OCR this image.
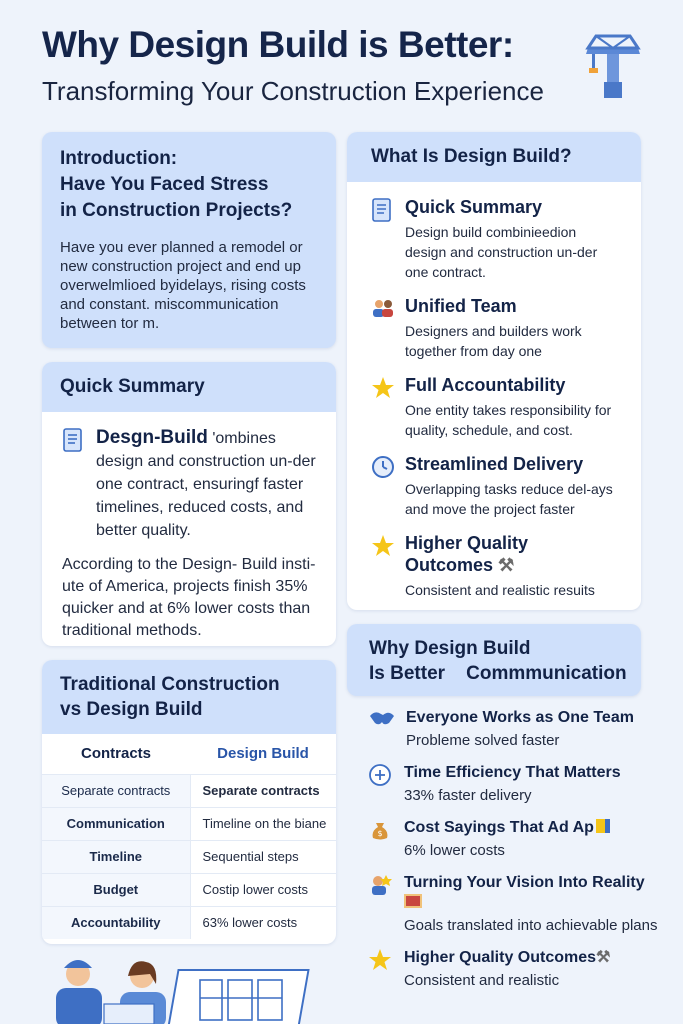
Why Design Build is Better:
Transforming Your Construction Experience
Introduction:
Have You Faced Stress
in Construction Projects?

Have you ever planned a remodel or new construction project and end up overwelmlioed byidelays, rising costs and constant. miscommunication between tor m.

Quick Summary
Desgn-Build 'ombines design and construction un-der one contract, ensuringf faster timelines, reduced costs, and better quality.

According to the Design- Build insti-ute of America, projects finish 35% quicker and at 6% lower costs than traditional methods.

Traditional Construction
vs Design Build
Contracts	Design Build
Separate contracts	Separate contracts
Communication	Timeline on the biane
Timeline	Sequential steps
Budget	Costip lower costs
Accountability	63% lower costs
What Is Design Build?
Quick Summary

Design build combinieedion design and construction un-der one contract.

Unified Team

Designers and builders work together from day one

Full Accountability

One entity takes responsibility for quality, schedule, and cost.

Streamlined Delivery

Overlapping tasks reduce del-ays and move the project faster

Higher Quality Outcomes ⚒

Consistent and realistic resuits

Why Design Build
Is Better    Commmunication
Everyone Works as One Team

Probleme solved faster

Time Efficiency That Matters

33% faster delivery

$ Cost Sayings That Ad Ap

6% lower costs

Turning Your Vision Into Reality

Goals translated into achievable plans

Higher Quality Outcomes⚒

Consistent and realistic
